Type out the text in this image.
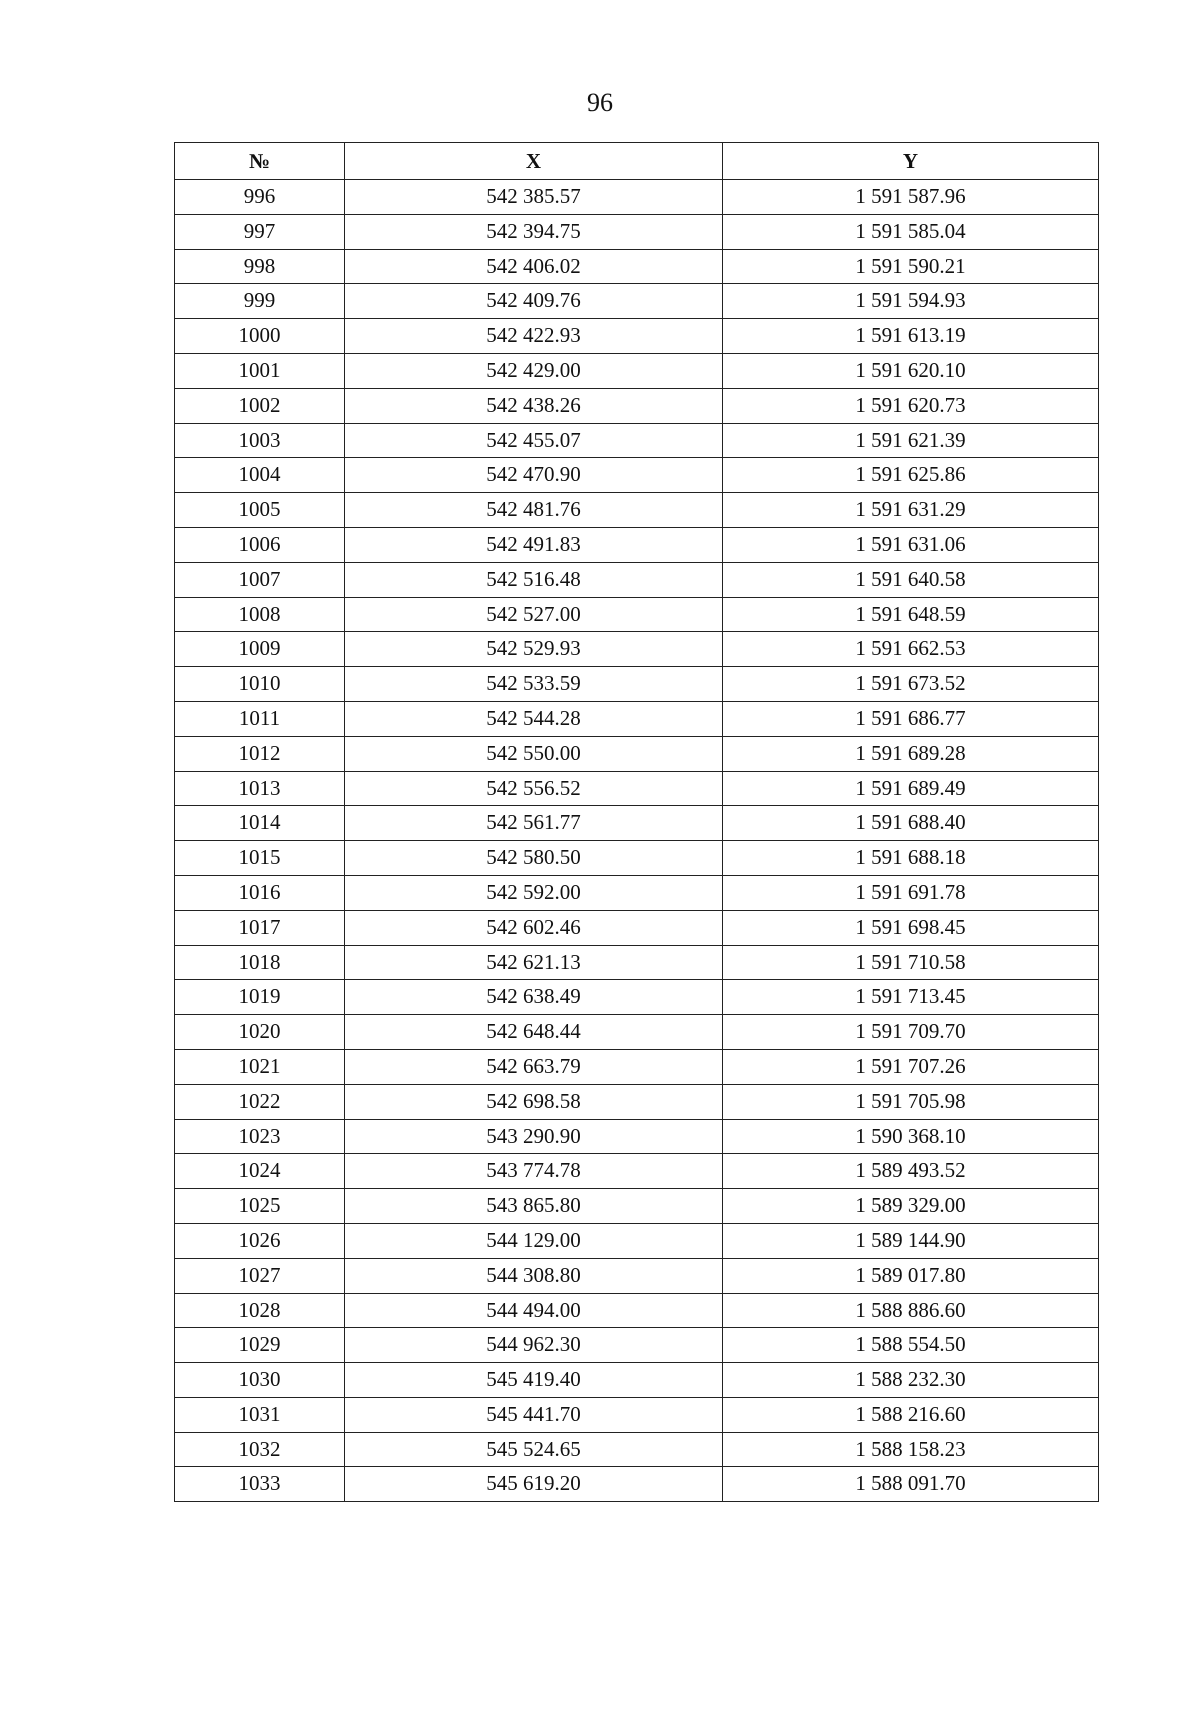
96
№	X	Y
996	542 385.57	1 591 587.96
997	542 394.75	1 591 585.04
998	542 406.02	1 591 590.21
999	542 409.76	1 591 594.93
1000	542 422.93	1 591 613.19
1001	542 429.00	1 591 620.10
1002	542 438.26	1 591 620.73
1003	542 455.07	1 591 621.39
1004	542 470.90	1 591 625.86
1005	542 481.76	1 591 631.29
1006	542 491.83	1 591 631.06
1007	542 516.48	1 591 640.58
1008	542 527.00	1 591 648.59
1009	542 529.93	1 591 662.53
1010	542 533.59	1 591 673.52
1011	542 544.28	1 591 686.77
1012	542 550.00	1 591 689.28
1013	542 556.52	1 591 689.49
1014	542 561.77	1 591 688.40
1015	542 580.50	1 591 688.18
1016	542 592.00	1 591 691.78
1017	542 602.46	1 591 698.45
1018	542 621.13	1 591 710.58
1019	542 638.49	1 591 713.45
1020	542 648.44	1 591 709.70
1021	542 663.79	1 591 707.26
1022	542 698.58	1 591 705.98
1023	543 290.90	1 590 368.10
1024	543 774.78	1 589 493.52
1025	543 865.80	1 589 329.00
1026	544 129.00	1 589 144.90
1027	544 308.80	1 589 017.80
1028	544 494.00	1 588 886.60
1029	544 962.30	1 588 554.50
1030	545 419.40	1 588 232.30
1031	545 441.70	1 588 216.60
1032	545 524.65	1 588 158.23
1033	545 619.20	1 588 091.70
